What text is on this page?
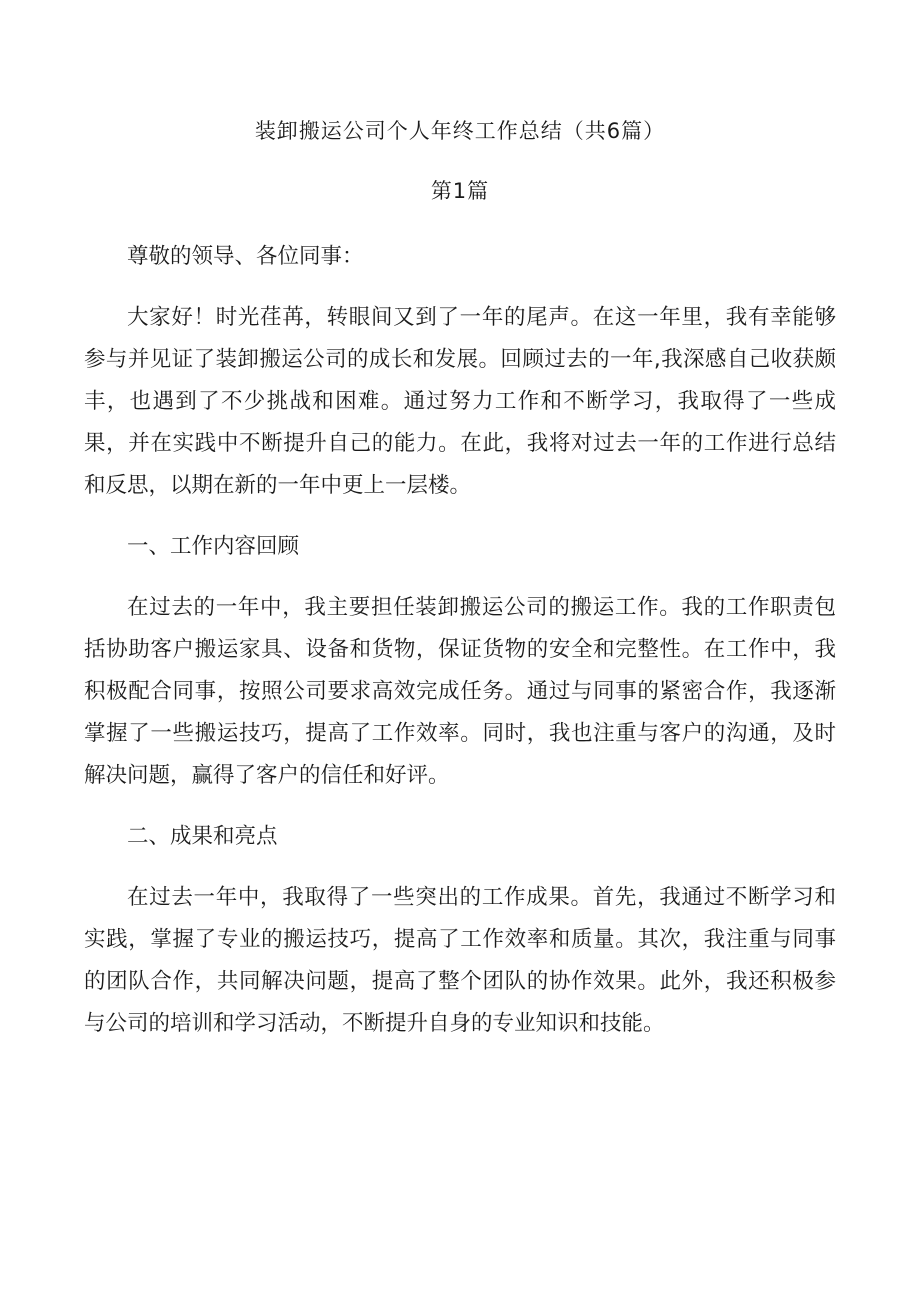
装卸搬运公司个人年终工作总结（共6篇）
第1篇

尊敬的领导、各位同事：

大家好！时光荏苒，转眼间又到了一年的尾声。在这一年里，我有幸能够参与并见证了装卸搬运公司的成长和发展。回顾过去的一年,我深感自己收获颇丰，也遇到了不少挑战和困难。通过努力工作和不断学习，我取得了一些成果，并在实践中不断提升自己的能力。在此，我将对过去一年的工作进行总结和反思，以期在新的一年中更上一层楼。

一、工作内容回顾

在过去的一年中，我主要担任装卸搬运公司的搬运工作。我的工作职责包括协助客户搬运家具、设备和货物，保证货物的安全和完整性。在工作中，我积极配合同事，按照公司要求高效完成任务。通过与同事的紧密合作，我逐渐掌握了一些搬运技巧，提高了工作效率。同时，我也注重与客户的沟通，及时解决问题，赢得了客户的信任和好评。

二、成果和亮点

在过去一年中，我取得了一些突出的工作成果。首先，我通过不断学习和实践，掌握了专业的搬运技巧，提高了工作效率和质量。其次，我注重与同事的团队合作，共同解决问题，提高了整个团队的协作效果。此外，我还积极参与公司的培训和学习活动，不断提升自身的专业知识和技能。
